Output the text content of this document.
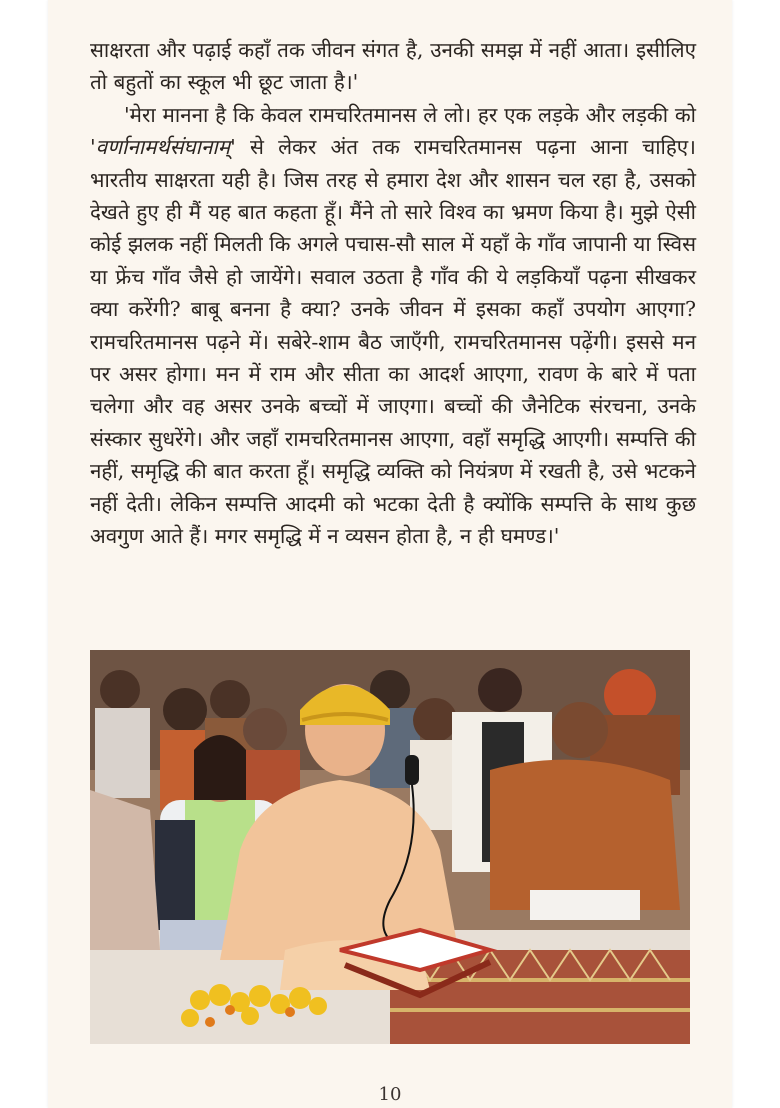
साक्षरता और पढ़ाई कहाँ तक जीवन संगत है, उनकी समझ में नहीं आता। इसीलिए तो बहुतों का स्कूल भी छूट जाता है।'

'मेरा मानना है कि केवल रामचरितमानस ले लो। हर एक लड़के और लड़की को 'वर्णानामर्थसंघानाम्' से लेकर अंत तक रामचरितमानस पढ़ना आना चाहिए। भारतीय साक्षरता यही है। जिस तरह से हमारा देश और शासन चल रहा है, उसको देखते हुए ही मैं यह बात कहता हूँ। मैंने तो सारे विश्व का भ्रमण किया है। मुझे ऐसी कोई झलक नहीं मिलती कि अगले पचास-सौ साल में यहाँ के गाँव जापानी या स्विस या फ्रेंच गाँव जैसे हो जायेंगे। सवाल उठता है गाँव की ये लड़कियाँ पढ़ना सीखकर क्या करेंगी? बाबू बनना है क्या? उनके जीवन में इसका कहाँ उपयोग आएगा? रामचरितमानस पढ़ने में। सबेरे-शाम बैठ जाएँगी, रामचरितमानस पढ़ेंगी। इससे मन पर असर होगा। मन में राम और सीता का आदर्श आएगा, रावण के बारे में पता चलेगा और वह असर उनके बच्चों में जाएगा। बच्चों की जैनेटिक संरचना, उनके संस्कार सुधरेंगे। और जहाँ रामचरितमानस आएगा, वहाँ समृद्धि आएगी। सम्पत्ति की नहीं, समृद्धि की बात करता हूँ। समृद्धि व्यक्ति को नियंत्रण में रखती है, उसे भटकने नहीं देती। लेकिन सम्पत्ति आदमी को भटका देती है क्योंकि सम्पत्ति के साथ कुछ अवगुण आते हैं। मगर समृद्धि में न व्यसन होता है, न ही घमण्ड।'

10
